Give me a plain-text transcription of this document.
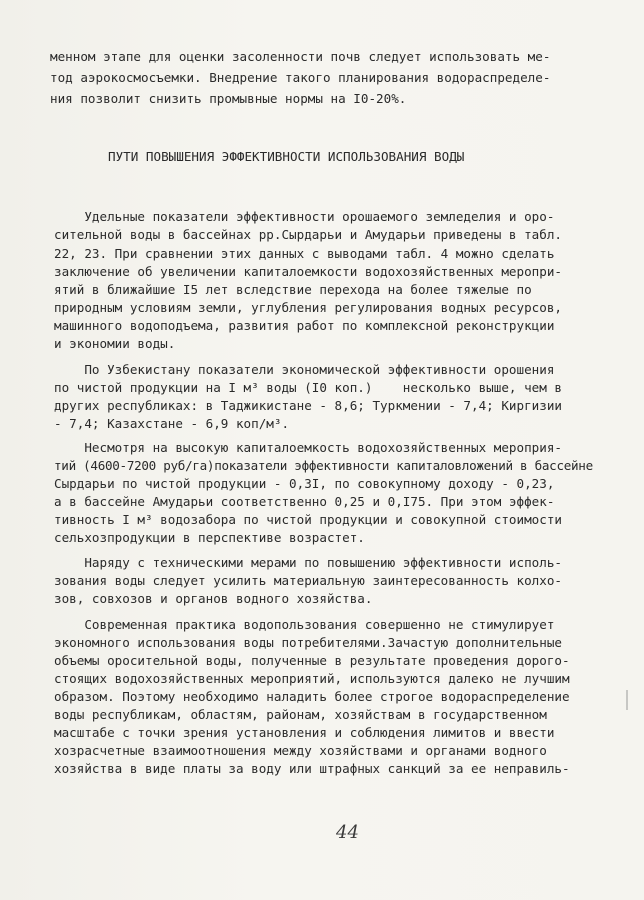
менном этапе для оценки засоленности почв следует использовать ме-
тод аэрокосмосъемки. Внедрение такого планирования водораспределе-
ния позволит снизить промывные нормы на I0-20%.
ПУТИ ПОВЫШЕНИЯ ЭФФЕКТИВНОСТИ ИСПОЛЬЗОВАНИЯ ВОДЫ
Удельные показатели эффективности орошаемого земледелия и оро-
сительной воды в бассейнах рр.Сырдарьи и Амударьи приведены в табл.
22, 23. При сравнении этих данных с выводами табл. 4 можно сделать
заключение об увеличении капиталоемкости водохозяйственных меропри-
ятий в ближайшие I5 лет вследствие перехода на более тяжелые по
природным условиям земли, углубления регулирования водных ресурсов,
машинного водоподъема, развития работ по комплексной реконструкции
и экономии воды.
По Узбекистану показатели экономической эффективности орошения
по чистой продукции на I м³ воды (I0 коп.)    несколько выше, чем в
других республиках: в Таджикистане - 8,6; Туркмении - 7,4; Киргизии
- 7,4; Казахстане - 6,9 коп/м³.
Несмотря на высокую капиталоемкость водохозяйственных мероприя-
тий (4600-7200 руб/га)показатели эффективности капиталовложений в бассейне
Сырдарьи по чистой продукции - 0,3I, по совокупному доходу - 0,23,
а в бассейне Амударьи соответственно 0,25 и 0,I75. При этом эффек-
тивность I м³ водозабора по чистой продукции и совокупной стоимости
сельхозпродукции в перспективе возрастет.
Наряду с техническими мерами по повышению эффективности исполь-
зования воды следует усилить материальную заинтересованность колхо-
зов, совхозов и органов водного хозяйства.
Современная практика водопользования совершенно не стимулирует
экономного использования воды потребителями.Зачастую дополнительные
объемы оросительной воды, полученные в результате проведения дорого-
стоящих водохозяйственных мероприятий, используются далеко не лучшим
образом. Поэтому необходимо наладить более строгое водораспределение
воды республикам, областям, районам, хозяйствам в государственном
масштабе с точки зрения установления и соблюдения лимитов и ввести
хозрасчетные взаимоотношения между хозяйствами и органами водного
хозяйства в виде платы за воду или штрафных санкций за ее неправиль-
44
